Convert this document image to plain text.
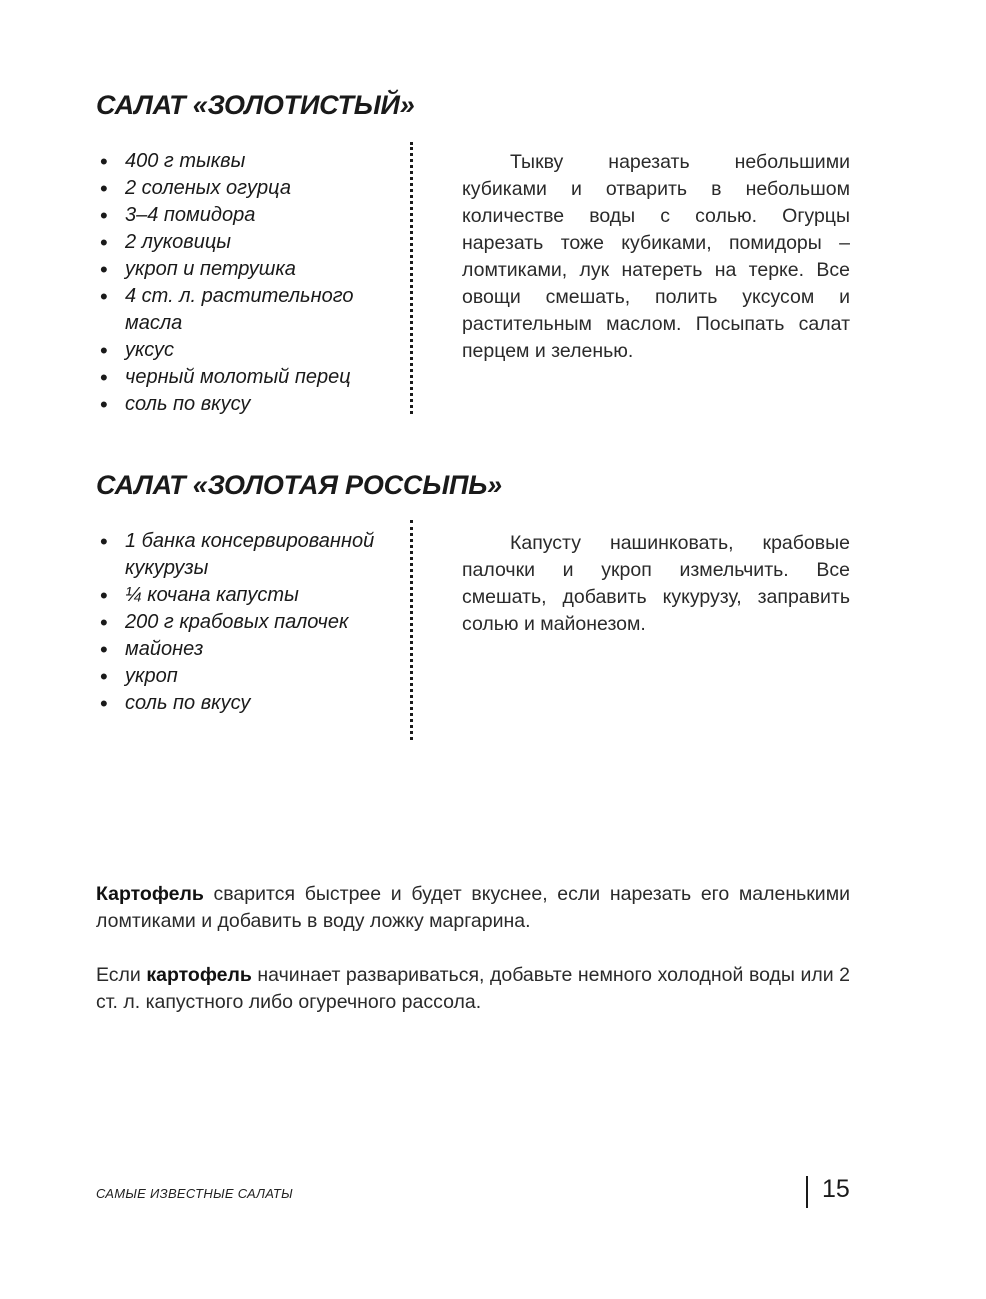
САЛАТ «ЗОЛОТИСТЫЙ»
• 400 г тыквы
• 2 соленых огурца
• 3–4 помидора
• 2 луковицы
• укроп и петрушка
• 4 ст. л. растительного масла
• уксус
• черный молотый перец
• соль по вкусу

Тыкву нарезать небольшими кубиками и отварить в небольшом количестве воды с солью. Огурцы нарезать тоже кубиками, помидоры – ломтиками, лук натереть на терке. Все овощи смешать, полить уксусом и растительным маслом. Посыпать салат перцем и зеленью.

САЛАТ «ЗОЛОТАЯ РОССЫПЬ»
• 1 банка консервированной кукурузы
• ¼ кочана капусты
• 200 г крабовых палочек
• майонез
• укроп
• соль по вкусу

Капусту нашинковать, крабовые палочки и укроп измельчить. Все смешать, добавить кукурузу, заправить солью и майонезом.

Картофель сварится быстрее и будет вкуснее, если нарезать его маленькими ломтиками и добавить в воду ложку маргарина.

Если картофель начинает развариваться, добавьте немного холодной воды или 2 ст. л. капустного либо огуречного рассола.

САМЫЕ ИЗВЕСТНЫЕ САЛАТЫ	15
